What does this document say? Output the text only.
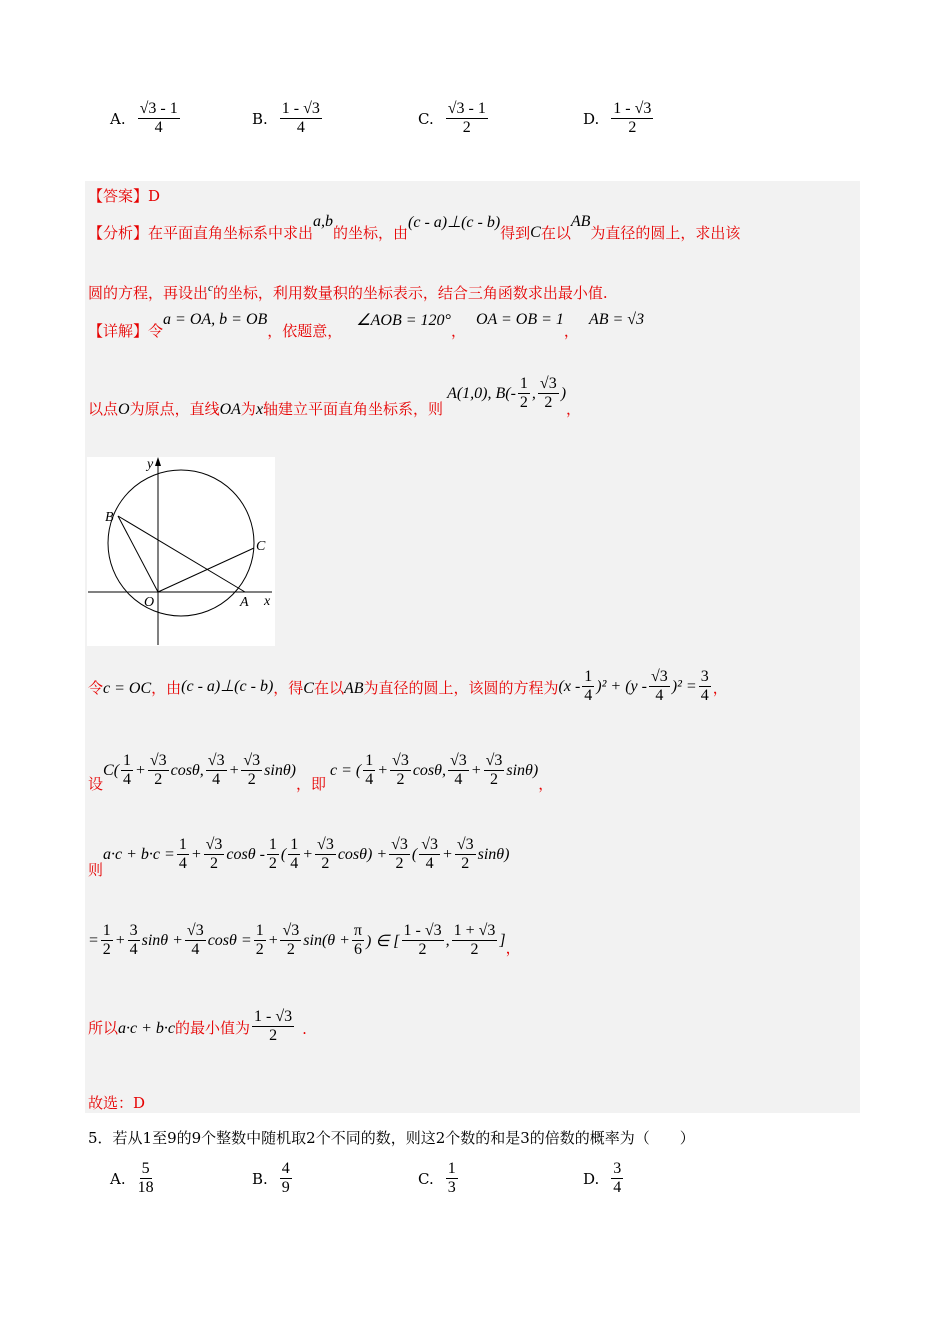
A. $\frac{√3 - 1}{4}$	B. $\frac{1 - √3}{4}$	C. $\frac{√3 - 1}{2}$	D. $\frac{1 - √3}{2}$
【答案】 D
【分析】 在平面直角坐标系中求出
a,b
的坐标，由
(c - a)⊥(c - b)
得到 C 在以
AB
为直径的圆上，求出该
圆的方程，再设出 c 的坐标，利用数量积的坐标表示，结合三角函数求出最小值.
【详解】 令
a = OA, b = OB
，依题意，
∠AOB = 120°
，
OA = OB = 1
，
AB = √3
以点 O 为原点，直线 OA 为 x 轴建立平面直角坐标系，则
A(1,0), $B(- \frac{1}{2}$ , $\frac{√3}{2}$ )
，
y
x
O	A
B
C
令 c = OC ，由 (c - a)⊥(c - b) ，得 C 在以 AB 为直径的圆上，该圆的方程为 $(x - \frac{1}{4} )^2 + (y - \frac{√3}{4} )^2 = \frac{3}{4}$ ，
设
$C( \frac{1}{4} + \frac{√3}{2} \cos\theta$, $\frac{√3}{4} + \frac{√3}{2} \sin\theta$)
，即
c = ( $\frac{1}{4} + \frac{√3}{2} \cos\theta$, $\frac{√3}{4} + \frac{√3}{2} \sin\theta$)
，
则
$a\cdot c + b\cdot c = \frac{1}{4} + \frac{√3}{2}$ cosθ - $\frac{1}{2}$ ( $\frac{1}{4} + \frac{√3}{2} \cos\theta) + \frac{√3}{2}$ ( $\frac{√3}{4} + \frac{√3}{2} \sin\theta$)
= $\frac{1}{2} + \frac{3}{4}$ $\sin\theta + \frac{√3}{4}$ $\cos\theta = \frac{1}{2} + \frac{√3}{2} \sin(\theta + \frac{\pi}{6}$ ) ∈ [ $\frac{1 - √3}{2}$ , $\frac{1 + √3}{2}$ ] ，
所以 a·c + b·c 的最小值为 $\frac{1 - √3}{2}$ .
故选：D
5．若从1至9的9个整数中随机取2个不同的数，则这2个数的和是3的倍数的概率为（　　）
A. $\frac{5}{18}$	B. $\frac{4}{9}$	C. $\frac{1}{3}$	D. $\frac{3}{4}$
